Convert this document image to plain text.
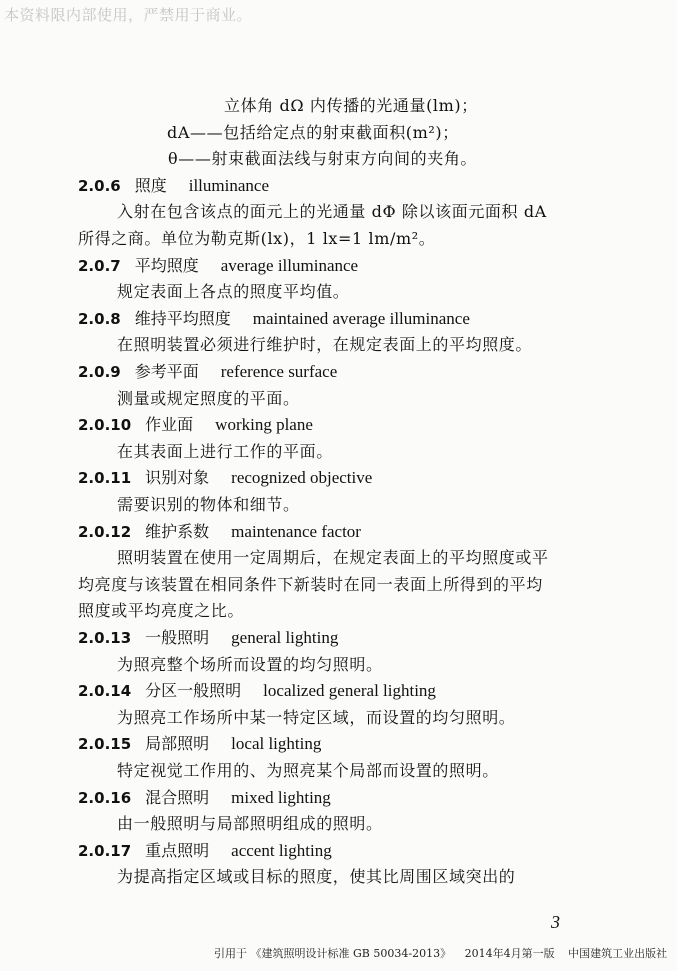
本资料限内部使用，严禁用于商业。
立体角 dΩ 内传播的光通量(lm)；
dA——包括给定点的射束截面积(m²)；
θ——射束截面法线与射束方向间的夹角。
2.0.6 照度 illuminance
入射在包含该点的面元上的光通量 dΦ 除以该面元面积 dA
所得之商。单位为勒克斯(lx)，1 lx=1 lm/m²。
2.0.7 平均照度 average illuminance
规定表面上各点的照度平均值。
2.0.8 维持平均照度 maintained average illuminance
在照明装置必须进行维护时，在规定表面上的平均照度。
2.0.9 参考平面 reference surface
测量或规定照度的平面。
2.0.10 作业面 working plane
在其表面上进行工作的平面。
2.0.11 识别对象 recognized objective
需要识别的物体和细节。
2.0.12 维护系数 maintenance factor
照明装置在使用一定周期后，在规定表面上的平均照度或平
均亮度与该装置在相同条件下新装时在同一表面上所得到的平均
照度或平均亮度之比。
2.0.13 一般照明 general lighting
为照亮整个场所而设置的均匀照明。
2.0.14 分区一般照明 localized general lighting
为照亮工作场所中某一特定区域，而设置的均匀照明。
2.0.15 局部照明 local lighting
特定视觉工作用的、为照亮某个局部而设置的照明。
2.0.16 混合照明 mixed lighting
由一般照明与局部照明组成的照明。
2.0.17 重点照明 accent lighting
为提高指定区域或目标的照度，使其比周围区域突出的
3
引用于 《建筑照明设计标准 GB 50034-2013》 2014年4月第一版 中国建筑工业出版社
